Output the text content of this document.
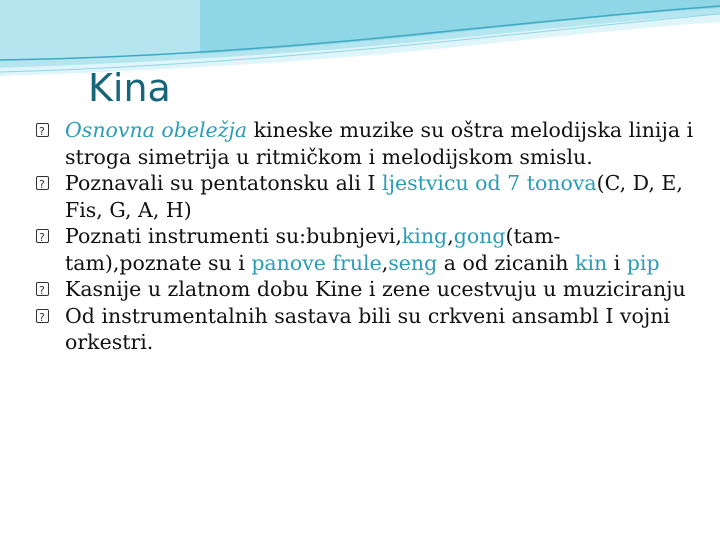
Kina

?
Osnovna obeležja kineske muzike su oštra melodijska linija i stroga simetrija u ritmičkom i melodijskom smislu.

?
Poznavali su pentatonsku ali I ljestvicu od 7 tonova(C, D, E, Fis, G, A, H)

?
Poznati instrumenti su:bubnjevi,king,gong(tam-tam),poznate su i panove frule,seng a od zicanih kin i pip

?
Kasnije u zlatnom dobu Kine i zene ucestvuju u muziciranju

?
Od instrumentalnih sastava bili su crkveni ansambl I vojni orkestri.
